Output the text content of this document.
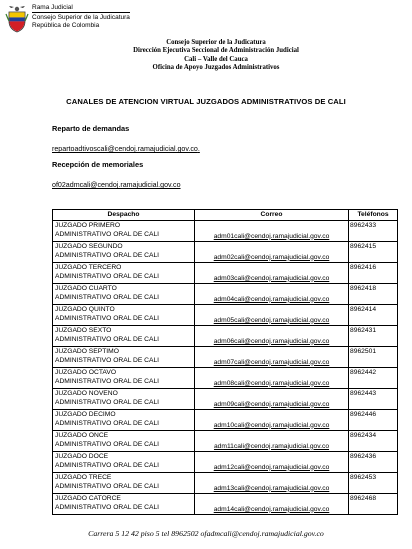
Rama Judicial
Consejo Superior de la Judicatura
República de Colombia
Consejo Superior de la Judicatura
Dirección Ejecutiva Seccional de Administración Judicial
Cali – Valle del Cauca
Oficina de Apoyo Juzgados Administrativos
CANALES DE ATENCION VIRTUAL JUZGADOS ADMINISTRATIVOS DE CALI
Reparto de demandas
repartoadtivoscali@cendoj.ramajudicial.gov.co.
Recepción de memoriales
of02admcali@cendoj.ramajudicial.gov.co
Despacho	Correo	Teléfonos

JUZGADO PRIMERO
ADMINISTRATIVO ORAL DE CALI	adm01cali@cendoj.ramajudicial.gov.co	8962433

JUZGADO SEGUNDO
ADMINISTRATIVO ORAL DE CALI	adm02cali@cendoj.ramajudicial.gov.co	8962415

JUZGADO TERCERO
ADMINISTRATIVO ORAL DE CALI	adm03cali@cendoj.ramajudicial.gov.co	8962416

JUZGADO CUARTO
ADMINISTRATIVO ORAL DE CALI	adm04cali@cendoj.ramajudicial.gov.co	8962418

JUZGADO QUINTO
ADMINISTRATIVO ORAL DE CALI	adm05cali@cendoj.ramajudicial.gov.co	8962414

JUZGADO SEXTO
ADMINISTRATIVO ORAL DE CALI	adm06cali@cendoj.ramajudicial.gov.co	8962431

JUZGADO SEPTIMO
ADMINISTRATIVO ORAL DE CALI	adm07cali@cendoj.ramajudicial.gov.co	8962501

JUZGADO OCTAVO
ADMINISTRATIVO ORAL DE CALI	adm08cali@cendoj.ramajudicial.gov.co	8962442

JUZGADO NOVENO
ADMINISTRATIVO ORAL DE CALI	adm09cali@cendoj.ramajudicial.gov.co	8962443

JUZGADO DECIMO
ADMINISTRATIVO ORAL DE CALI	adm10cali@cendoj.ramajudicial.gov.co	8962446

JUZGADO ONCE
ADMINISTRATIVO ORAL DE CALI	adm11cali@cendoj.ramajudicial.gov.co	8962434

JUZGADO DOCE
ADMINISTRATIVO ORAL DE CALI	adm12cali@cendoj.ramajudicial.gov.co	8962436

JUZGADO TRECE
ADMINISTRATIVO ORAL DE CALI	adm13cali@cendoj.ramajudicial.gov.co	8962453

JUZGADO CATORCE
ADMINISTRATIVO ORAL DE CALI	adm14cali@cendoj.ramajudicial.gov.co	8962468
Carrera 5 12 42 piso 5 tel 8962502 ofadmcali@cendoj.ramajudicial.gov.co
